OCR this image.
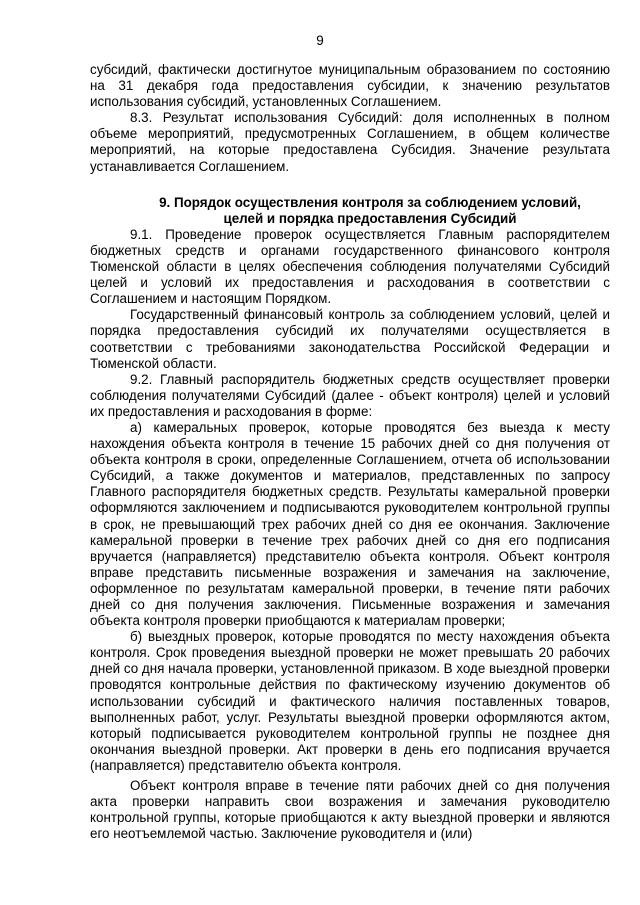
9

субсидий, фактически достигнутое муниципальным образованием по состоянию на 31 декабря года предоставления субсидии, к значению результатов использования субсидий, установленных Соглашением.

8.3. Результат использования Субсидий: доля исполненных в полном объеме мероприятий, предусмотренных Соглашением, в общем количестве мероприятий, на которые предоставлена Субсидия. Значение результата устанавливается Соглашением.

9. Порядок осуществления контроля за соблюдением условий,
целей и порядка предоставления Субсидий

9.1. Проведение проверок осуществляется Главным распорядителем бюджетных средств и органами государственного финансового контроля Тюменской области в целях обеспечения соблюдения получателями Субсидий целей и условий их предоставления и расходования в соответствии с Соглашением и настоящим Порядком.

Государственный финансовый контроль за соблюдением условий, целей и порядка предоставления субсидий их получателями осуществляется в соответствии с требованиями законодательства Российской Федерации и Тюменской области.

9.2. Главный распорядитель бюджетных средств осуществляет проверки соблюдения получателями Субсидий (далее - объект контроля) целей и условий их предоставления и расходования в форме:

а) камеральных проверок, которые проводятся без выезда к месту нахождения объекта контроля в течение 15 рабочих дней со дня получения от объекта контроля в сроки, определенные Соглашением, отчета об использовании Субсидий, а также документов и материалов, представленных по запросу Главного распорядителя бюджетных средств. Результаты камеральной проверки оформляются заключением и подписываются руководителем контрольной группы в срок, не превышающий трех рабочих дней со дня ее окончания. Заключение камеральной проверки в течение трех рабочих дней со дня его подписания вручается (направляется) представителю объекта контроля. Объект контроля вправе представить письменные возражения и замечания на заключение, оформленное по результатам камеральной проверки, в течение пяти рабочих дней со дня получения заключения. Письменные возражения и замечания объекта контроля проверки приобщаются к материалам проверки;

б) выездных проверок, которые проводятся по месту нахождения объекта контроля. Срок проведения выездной проверки не может превышать 20 рабочих дней со дня начала проверки, установленной приказом. В ходе выездной проверки проводятся контрольные действия по фактическому изучению документов об использовании субсидий и фактического наличия поставленных товаров, выполненных работ, услуг. Результаты выездной проверки оформляются актом, который подписывается руководителем контрольной группы не позднее дня окончания выездной проверки. Акт проверки в день его подписания вручается (направляется) представителю объекта контроля.

Объект контроля вправе в течение пяти рабочих дней со дня получения акта проверки направить свои возражения и замечания руководителю контрольной группы, которые приобщаются к акту выездной проверки и являются его неотъемлемой частью. Заключение руководителя и (или)
